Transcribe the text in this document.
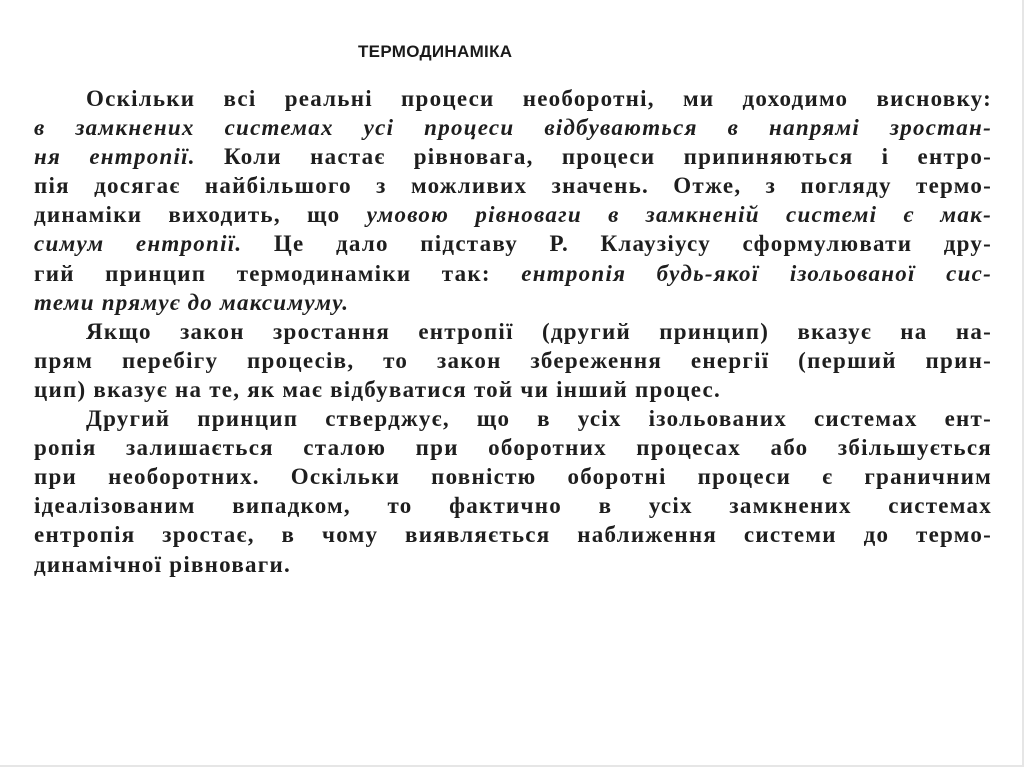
ТЕРМОДИНАМІКА
Оскільки всі реальні процеси необоротні, ми доходимо висновку:
в замкнених системах усі процеси відбуваються в напрямі зростан-
ня ентропії. Коли настає рівновага, процеси припиняються і ентро-
пія досягає найбільшого з можливих значень. Отже, з погляду термо-
динаміки виходить, що умовою рівноваги в замкненій системі є мак-
симум ентропії. Це дало підставу Р. Клаузіусу сформулювати дру-
гий принцип термодинаміки так: ентропія будь-якої ізольованої сис-
теми прямує до максимуму.
Якщо закон зростання ентропії (другий принцип) вказує на на-
прям перебігу процесів, то закон збереження енергії (перший прин-
цип) вказує на те, як має відбуватися той чи інший процес.
Другий принцип стверджує, що в усіх ізольованих системах ент-
ропія залишається сталою при оборотних процесах або збільшується
при необоротних. Оскільки повністю оборотні процеси є граничним
ідеалізованим випадком, то фактично в усіх замкнених системах
ентропія зростає, в чому виявляється наближення системи до термо-
динамічної рівноваги.
